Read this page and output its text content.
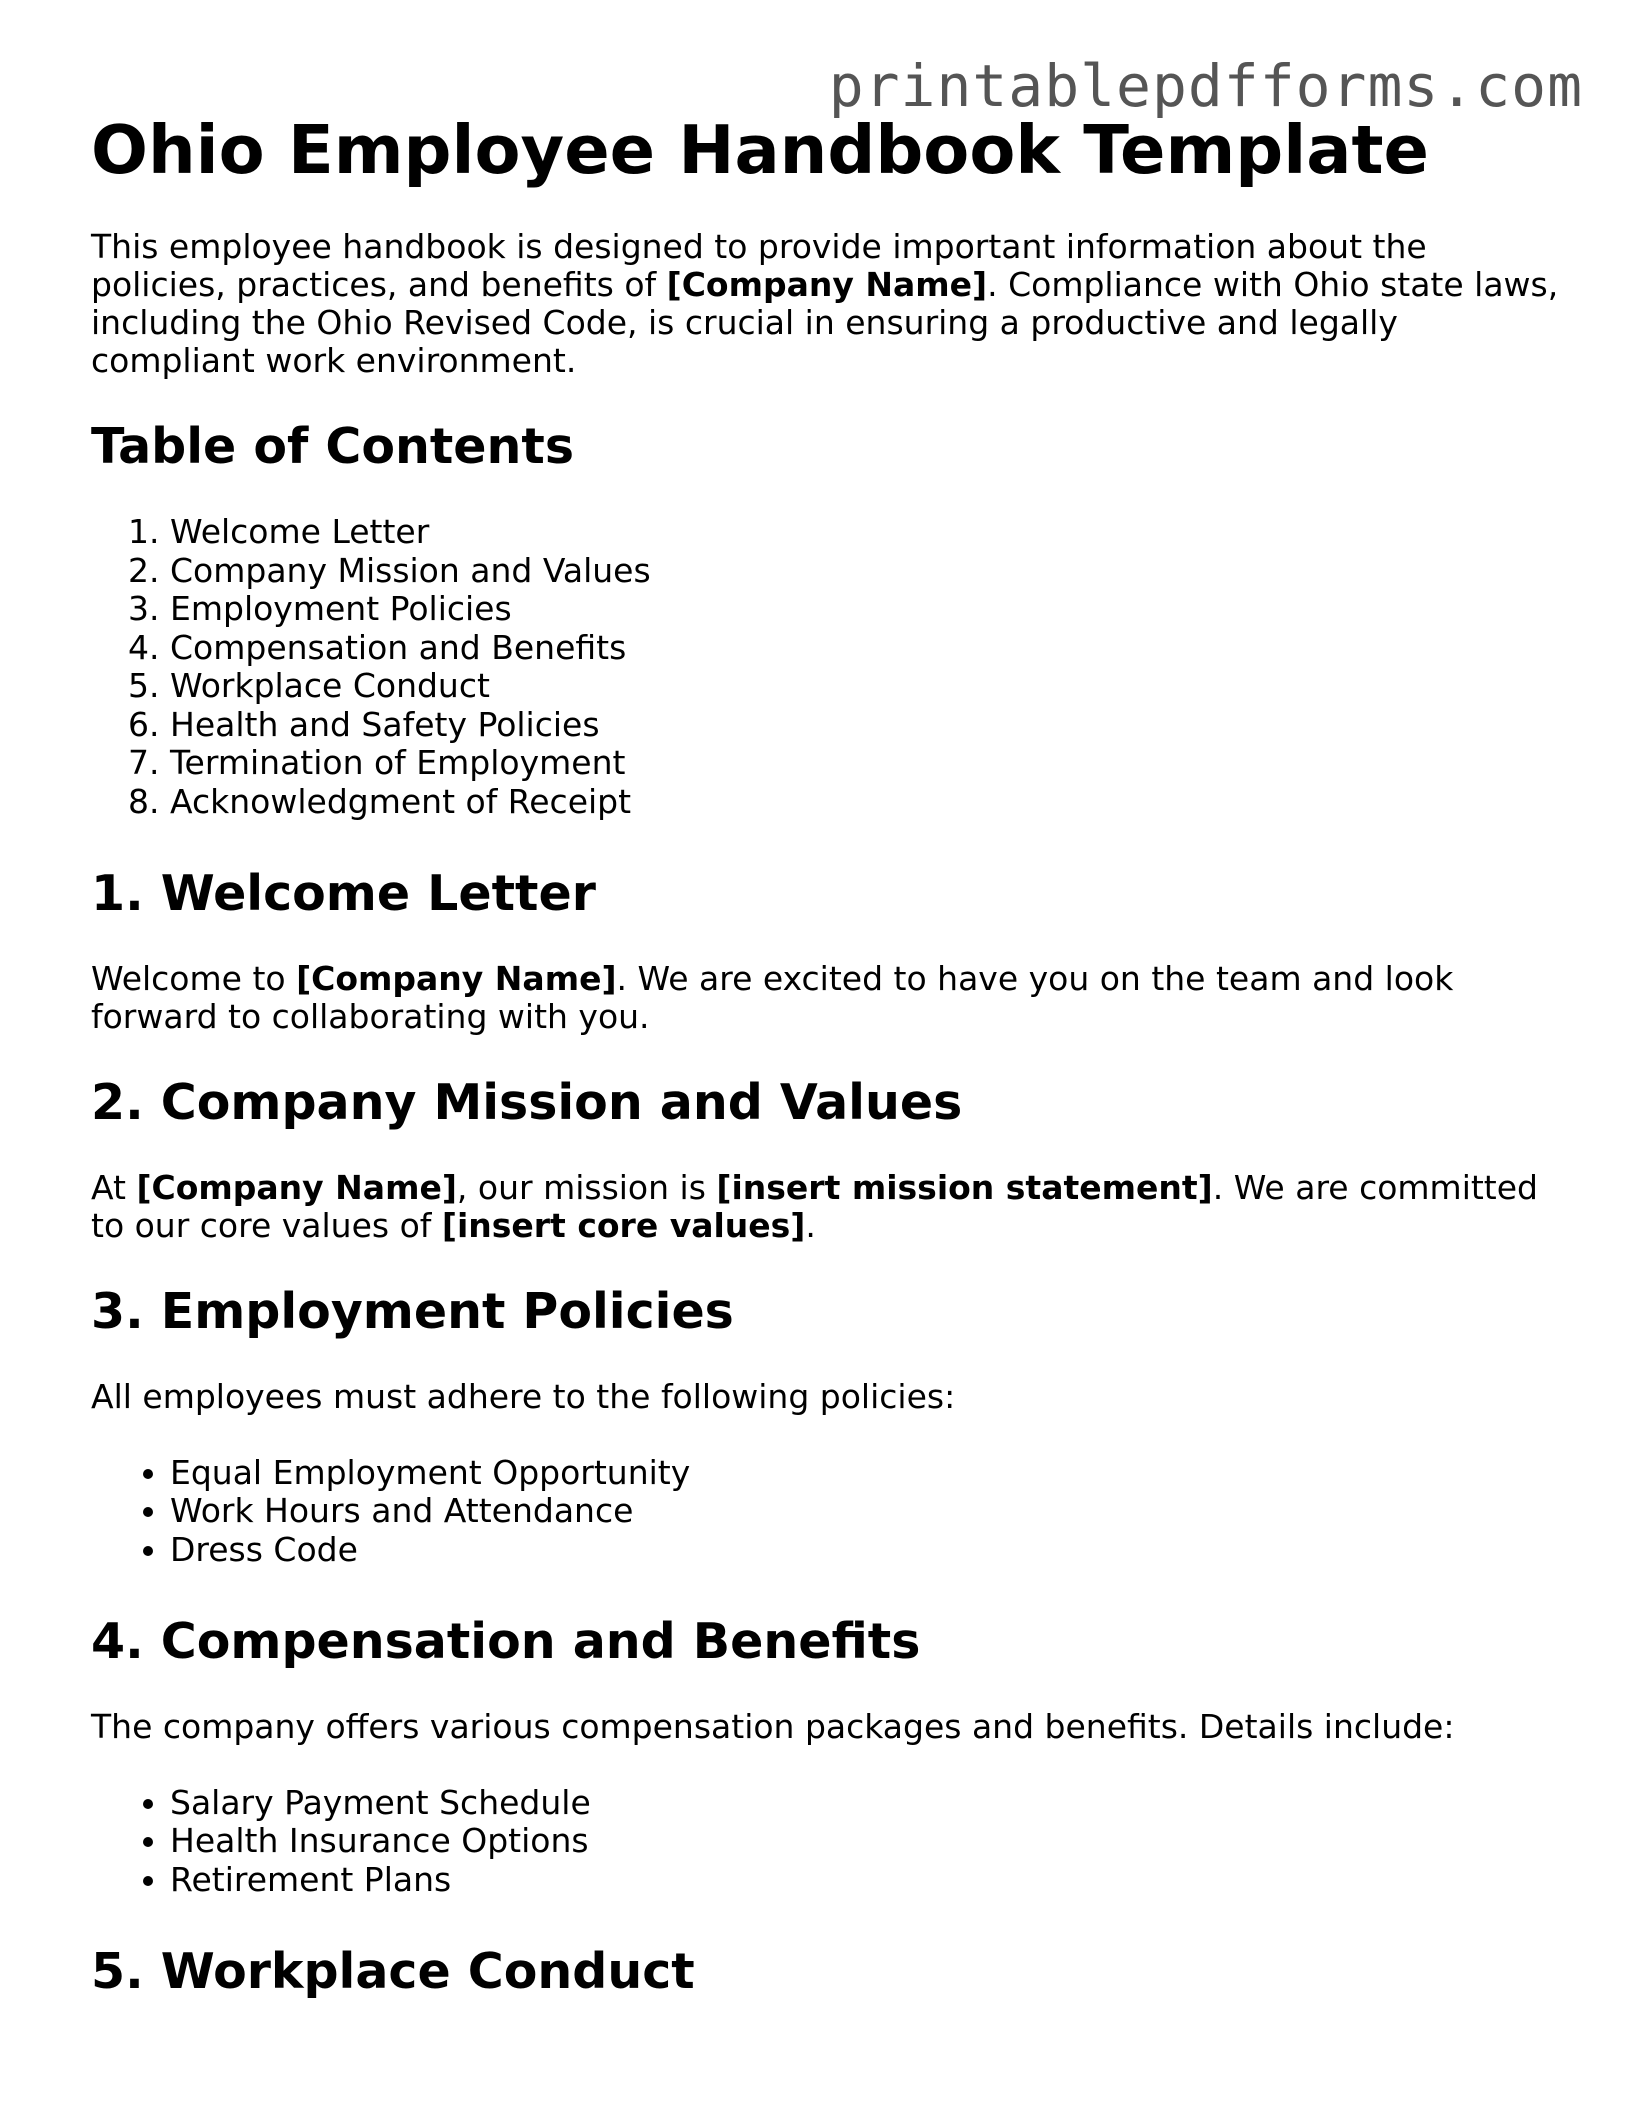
printablepdfforms.com
Ohio Employee Handbook Template

This employee handbook is designed to provide important information about the policies, practices, and benefits of [Company Name]. Compliance with Ohio state laws, including the Ohio Revised Code, is crucial in ensuring a productive and legally compliant work environment.

Table of Contents
1. Welcome Letter
2. Company Mission and Values
3. Employment Policies
4. Compensation and Benefits
5. Workplace Conduct
6. Health and Safety Policies
7. Termination of Employment
8. Acknowledgment of Receipt
1. Welcome Letter

Welcome to [Company Name]. We are excited to have you on the team and look forward to collaborating with you.

2. Company Mission and Values

At [Company Name], our mission is [insert mission statement]. We are committed to our core values of [insert core values].

3. Employment Policies

All employees must adhere to the following policies:

• Equal Employment Opportunity
• Work Hours and Attendance
• Dress Code
4. Compensation and Benefits

The company offers various compensation packages and benefits. Details include:

• Salary Payment Schedule
• Health Insurance Options
• Retirement Plans
5. Workplace Conduct
